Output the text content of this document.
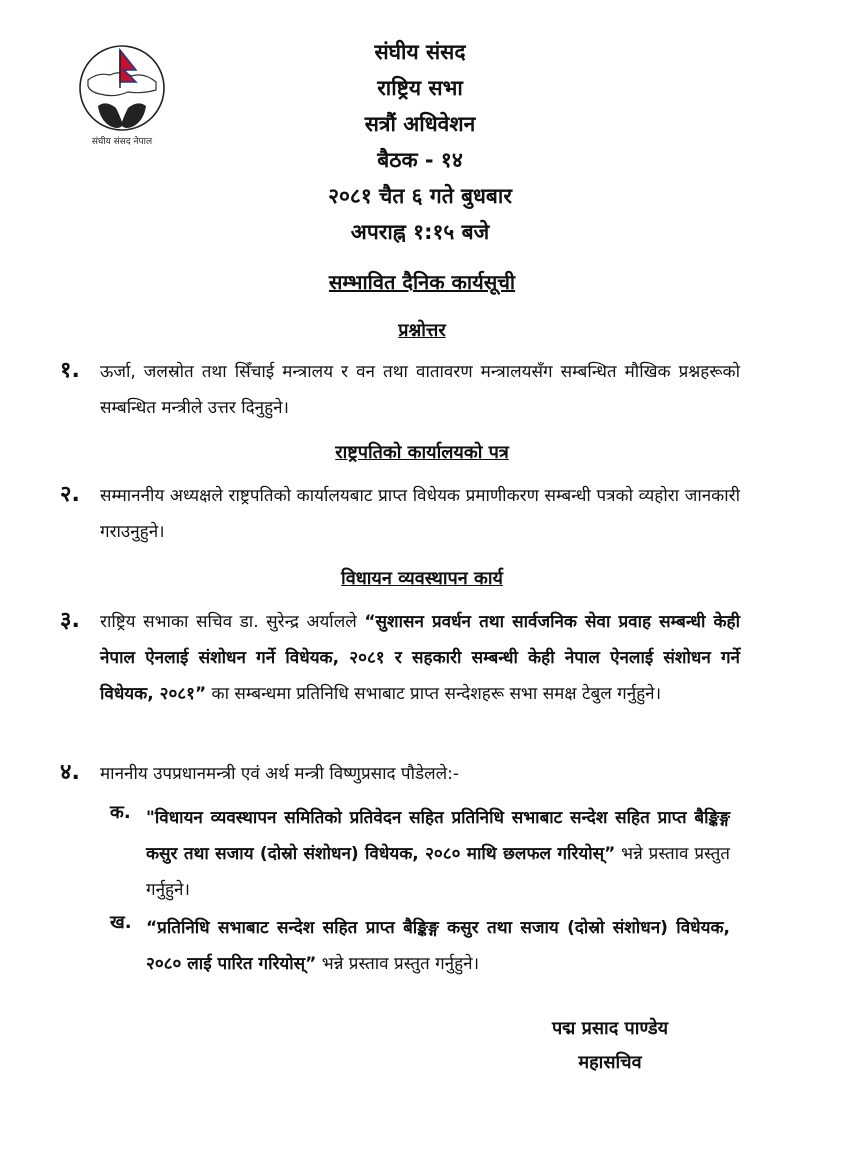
संघीय संसद नेपाल
संघीय संसद
राष्ट्रिय सभा
सत्रौं अधिवेशन
बैठक - १४
२०८१ चैत ६ गते बुधबार
अपराह्न १:१५ बजे
सम्भावित दैनिक कार्यसूची
प्रश्नोत्तर
१. ऊर्जा, जलस्रोत तथा सिँचाई मन्त्रालय र वन तथा वातावरण मन्त्रालयसँग सम्बन्धित मौखिक प्रश्नहरूको सम्बन्धित मन्त्रीले उत्तर दिनुहुने।
राष्ट्रपतिको कार्यालयको पत्र
२. सम्माननीय अध्यक्षले राष्ट्रपतिको कार्यालयबाट प्राप्त विधेयक प्रमाणीकरण सम्बन्धी पत्रको व्यहोरा जानकारी गराउनुहुने।
विधायन व्यवस्थापन कार्य
३. राष्ट्रिय सभाका सचिव डा. सुरेन्द्र अर्यालले “सुशासन प्रवर्धन तथा सार्वजनिक सेवा प्रवाह सम्बन्धी केही नेपाल ऐनलाई संशोधन गर्ने विधेयक, २०८१ र सहकारी सम्बन्धी केही नेपाल ऐनलाई संशोधन गर्ने विधेयक, २०८१” का सम्बन्धमा प्रतिनिधि सभाबाट प्राप्त सन्देशहरू सभा समक्ष टेबुल गर्नुहुने।
४. माननीय उपप्रधानमन्त्री एवं अर्थ मन्त्री विष्णुप्रसाद पौडेलले:-
क. "विधायन व्यवस्थापन समितिको प्रतिवेदन सहित प्रतिनिधि सभाबाट सन्देश सहित प्राप्त बैङ्किङ्ग कसुर तथा सजाय (दोस्रो संशोधन) विधेयक, २०८० माथि छलफल गरियोस्” भन्ने प्रस्ताव प्रस्तुत गर्नुहुने।
ख. “प्रतिनिधि सभाबाट सन्देश सहित प्राप्त बैङ्किङ्ग कसुर तथा सजाय (दोस्रो संशोधन) विधेयक, २०८० लाई पारित गरियोस्” भन्ने प्रस्ताव प्रस्तुत गर्नुहुने।
पद्म प्रसाद पाण्डेय
महासचिव
